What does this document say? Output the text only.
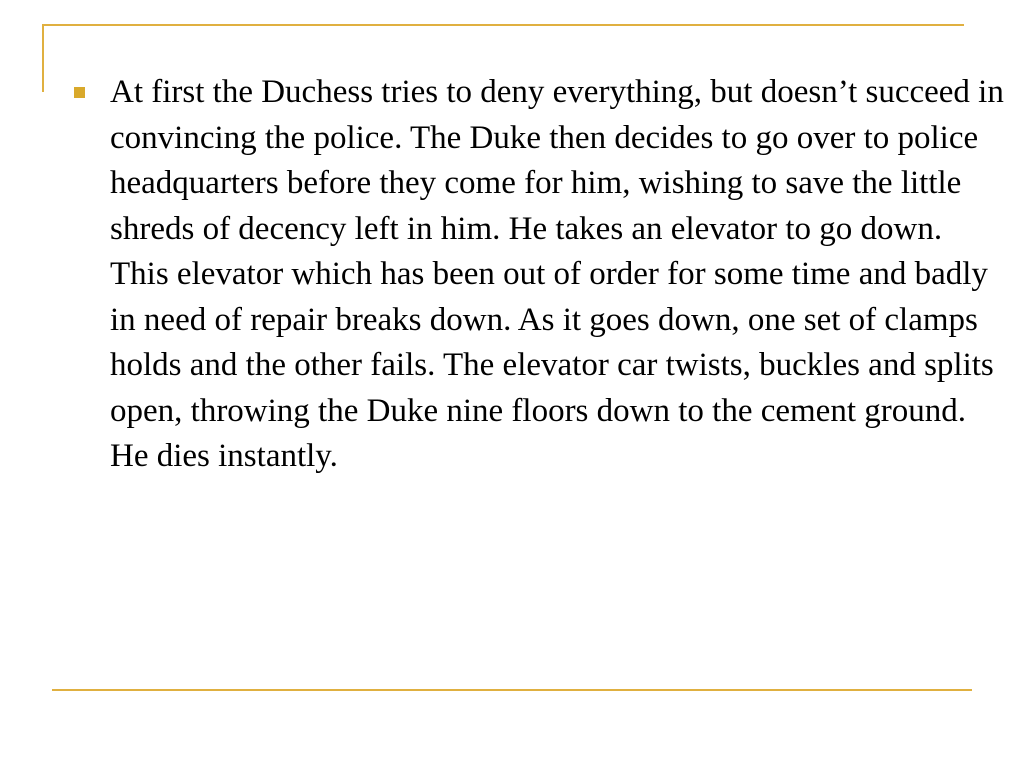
At first the Duchess tries to deny everything, but doesn’t succeed in convincing the police. The Duke then decides to go over to police headquarters before they come for him, wishing to save the little shreds of decency left in him. He takes an elevator to go down. This elevator which has been out of order for some time and badly in need of repair breaks down. As it goes down, one set of clamps holds and the other fails. The elevator car twists, buckles and splits open, throwing the Duke nine floors down to the cement ground. He dies instantly.
